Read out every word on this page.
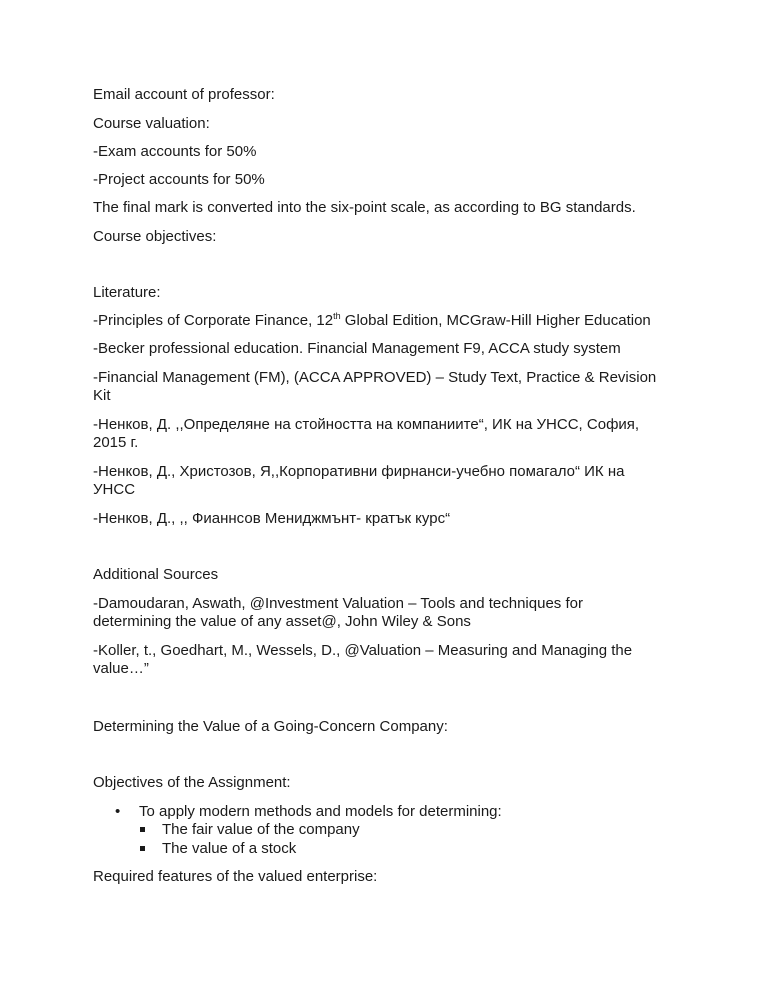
Email account of professor:
Course valuation:
-Exam accounts for 50%
-Project accounts for 50%
The final mark is converted into the six-point scale, as according to BG standards.
Course objectives:
Literature:
-Principles of Corporate Finance, 12th Global Edition, MCGraw-Hill Higher Education
-Becker professional education. Financial Management F9, ACCA study system
-Financial Management (FM), (ACCA APPROVED) – Study Text, Practice & Revision
Kit
-Ненков, Д. ,,Определяне на стойността на компаниите“, ИК на УНСС, София,
2015 г.
-Ненков, Д., Христозов, Я,,Корпоративни фирнанси-учебно помагало“ ИК на
УНСС
-Ненков, Д., ,, Фианнсов Мениджмънт- кратък курс“
Additional Sources
-Damoudaran, Aswath, @Investment Valuation – Tools and techniques for
determining the value of any asset@, John Wiley & Sons
-Koller, t., Goedhart, M., Wessels, D., @Valuation – Measuring and Managing the
value…”
Determining the Value of a Going-Concern Company:
Objectives of the Assignment:
• To apply modern methods and models for determining:
The fair value of the company
The value of a stock
Required features of the valued enterprise:
